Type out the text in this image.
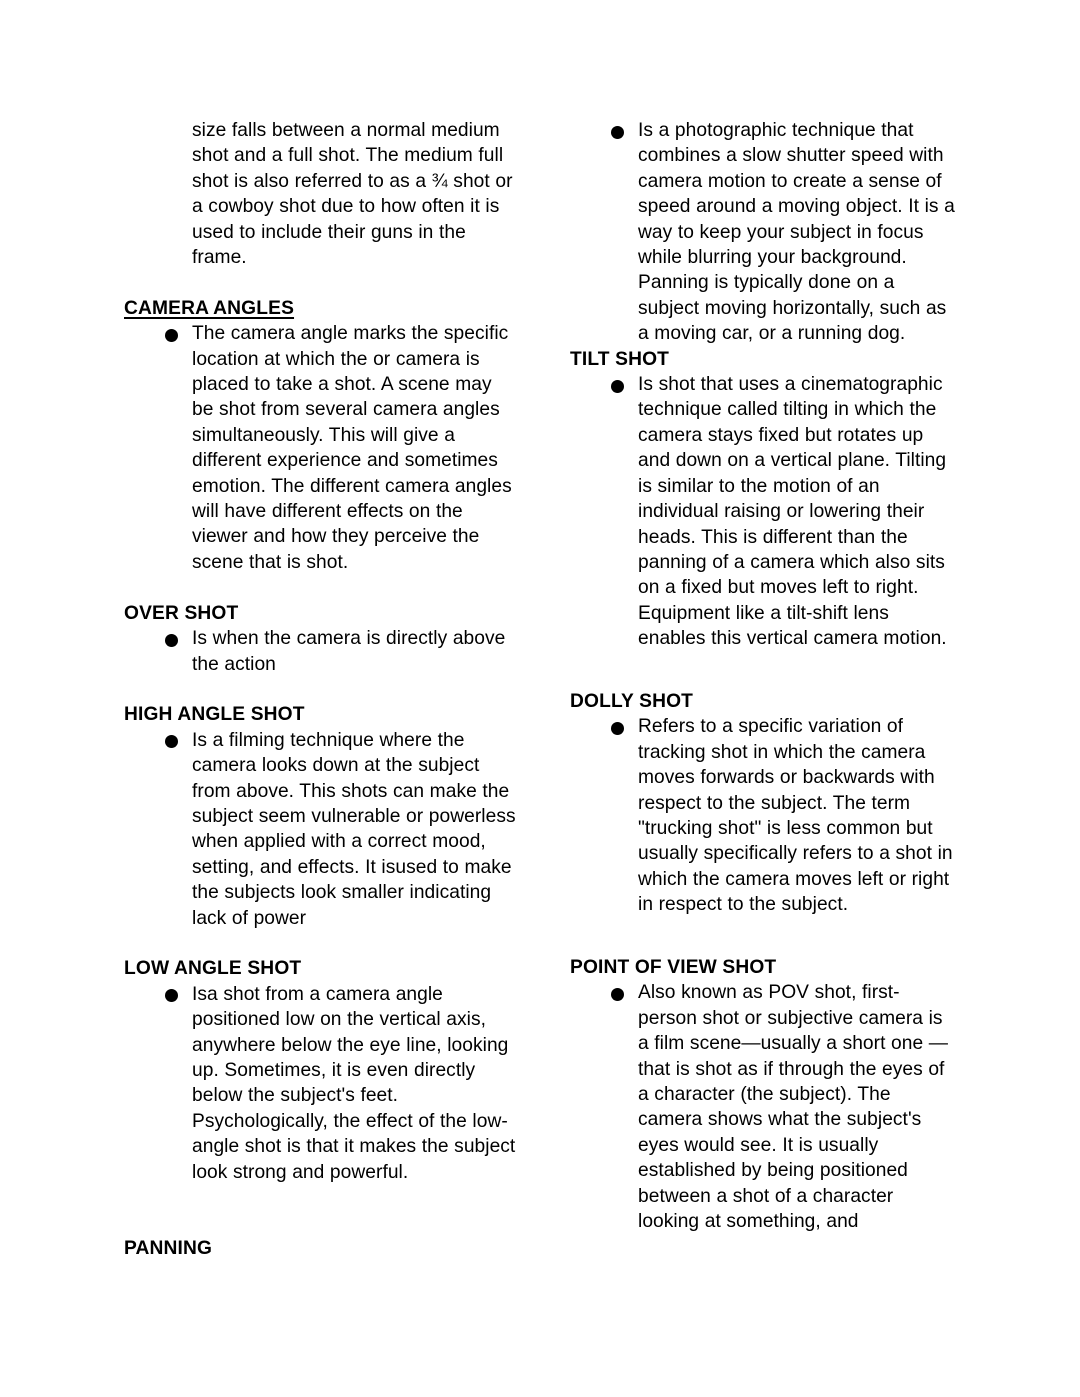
size falls between a normal medium shot and a full shot. The medium full shot is also referred to as a ¾ shot or a cowboy shot due to how often it is used to include their guns in the frame.

CAMERA ANGLES
The camera angle marks the specific location at which the or camera is placed to take a shot. A scene may be shot from several camera angles simultaneously. This will give a different experience and sometimes emotion. The different camera angles will have different effects on the viewer and how they perceive the scene that is shot.
OVER SHOT
Is when the camera is directly above the action
HIGH ANGLE SHOT
Is a filming technique where the camera looks down at the subject from above. This shots can make the subject seem vulnerable or powerless when applied with a correct mood, setting, and effects. It isused to make the subjects look smaller indicating lack of power
LOW ANGLE SHOT
Isa shot from a camera angle positioned low on the vertical axis, anywhere below the eye line, looking up. Sometimes, it is even directly below the subject's feet. Psychologically, the effect of the low-angle shot is that it makes the subject look strong and powerful.
PANNING
Is a photographic technique that combines a slow shutter speed with camera motion to create a sense of speed around a moving object. It is a way to keep your subject in focus while blurring your background. Panning is typically done on a subject moving horizontally, such as a moving car, or a running dog.
TILT SHOT
Is shot that uses a cinematographic technique called tilting in which the camera stays fixed but rotates up and down on a vertical plane. Tilting is similar to the motion of an individual raising or lowering their heads. This is different than the panning of a camera which also sits on a fixed but moves left to right. Equipment like a tilt-shift lens enables this vertical camera motion.
DOLLY SHOT
Refers to a specific variation of tracking shot in which the camera moves forwards or backwards with respect to the subject. The term "trucking shot" is less common but usually specifically refers to a shot in which the camera moves left or right in respect to the subject.
POINT OF VIEW SHOT
Also known as POV shot, first-person shot or subjective camera is a film scene—usually a short one —that is shot as if through the eyes of a character (the subject). The camera shows what the subject's eyes would see. It is usually established by being positioned between a shot of a character looking at something, and
